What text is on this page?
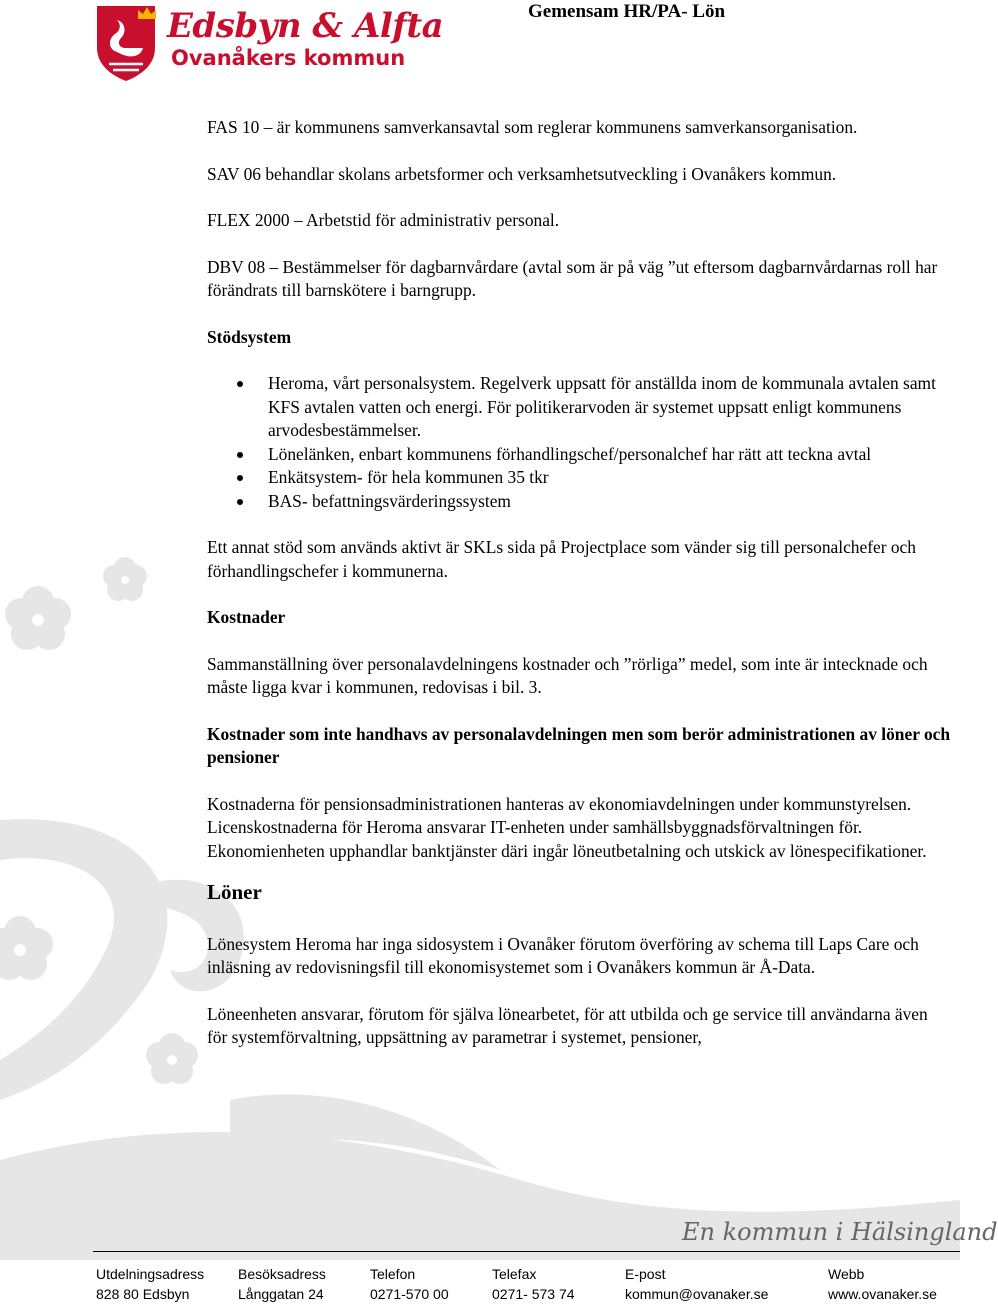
Edsbyn & Alfta
Ovanåkers kommun
Gemensam HR/PA- Lön

FAS 10 – är kommunens samverkansavtal som reglerar kommunens samverkansorganisation.

SAV 06 behandlar skolans arbetsformer och verksamhetsutveckling i Ovanåkers kommun.

FLEX 2000 – Arbetstid för administrativ personal.

DBV 08 – Bestämmelser för dagbarnvårdare (avtal som är på väg ”ut eftersom dagbarnvårdarnas roll har förändrats till barnskötere i barngrupp.

Stödsystem

Heroma, vårt personalsystem. Regelverk uppsatt för anställda inom de kommunala avtalen samt KFS avtalen vatten och energi. För politikerarvoden är systemet uppsatt enligt kommunens arvodesbestämmelser.
Lönelänken, enbart kommunens förhandlingschef/personalchef har rätt att teckna avtal
Enkätsystem- för hela kommunen 35 tkr
BAS- befattningsvärderingssystem

Ett annat stöd som används aktivt är SKLs sida på Projectplace som vänder sig till personalchefer och förhandlingschefer i kommunerna.

Kostnader

Sammanställning över personalavdelningens kostnader och ”rörliga” medel, som inte är intecknade och måste ligga kvar i kommunen, redovisas i bil. 3.

Kostnader som inte handhavs av personalavdelningen men som berör administrationen av löner och pensioner

Kostnaderna för pensionsadministrationen hanteras av ekonomiavdelningen under kommunstyrelsen.

Licenskostnaderna för Heroma ansvarar IT-enheten under samhällsbyggnadsförvaltningen för.

Ekonomienheten upphandlar banktjänster däri ingår löneutbetalning och utskick av lönespecifikationer.

Löner

Lönesystem Heroma har inga sidosystem i Ovanåker förutom överföring av schema till Laps Care och inläsning av redovisningsfil till ekonomisystemet som i Ovanåkers kommun är Å-Data.

Löneenheten ansvarar, förutom för själva lönearbetet, för att utbilda och ge service till användarna även för systemförvaltning, uppsättning av parametrar i systemet, pensioner,

En kommun i Hälsingland
Utdelningsadress
828 80 Edsbyn
Besöksadress
Långgatan 24
Telefon
0271-570 00
Telefax
0271- 573 74
E-post
kommun@ovanaker.se
Webb
www.ovanaker.se
